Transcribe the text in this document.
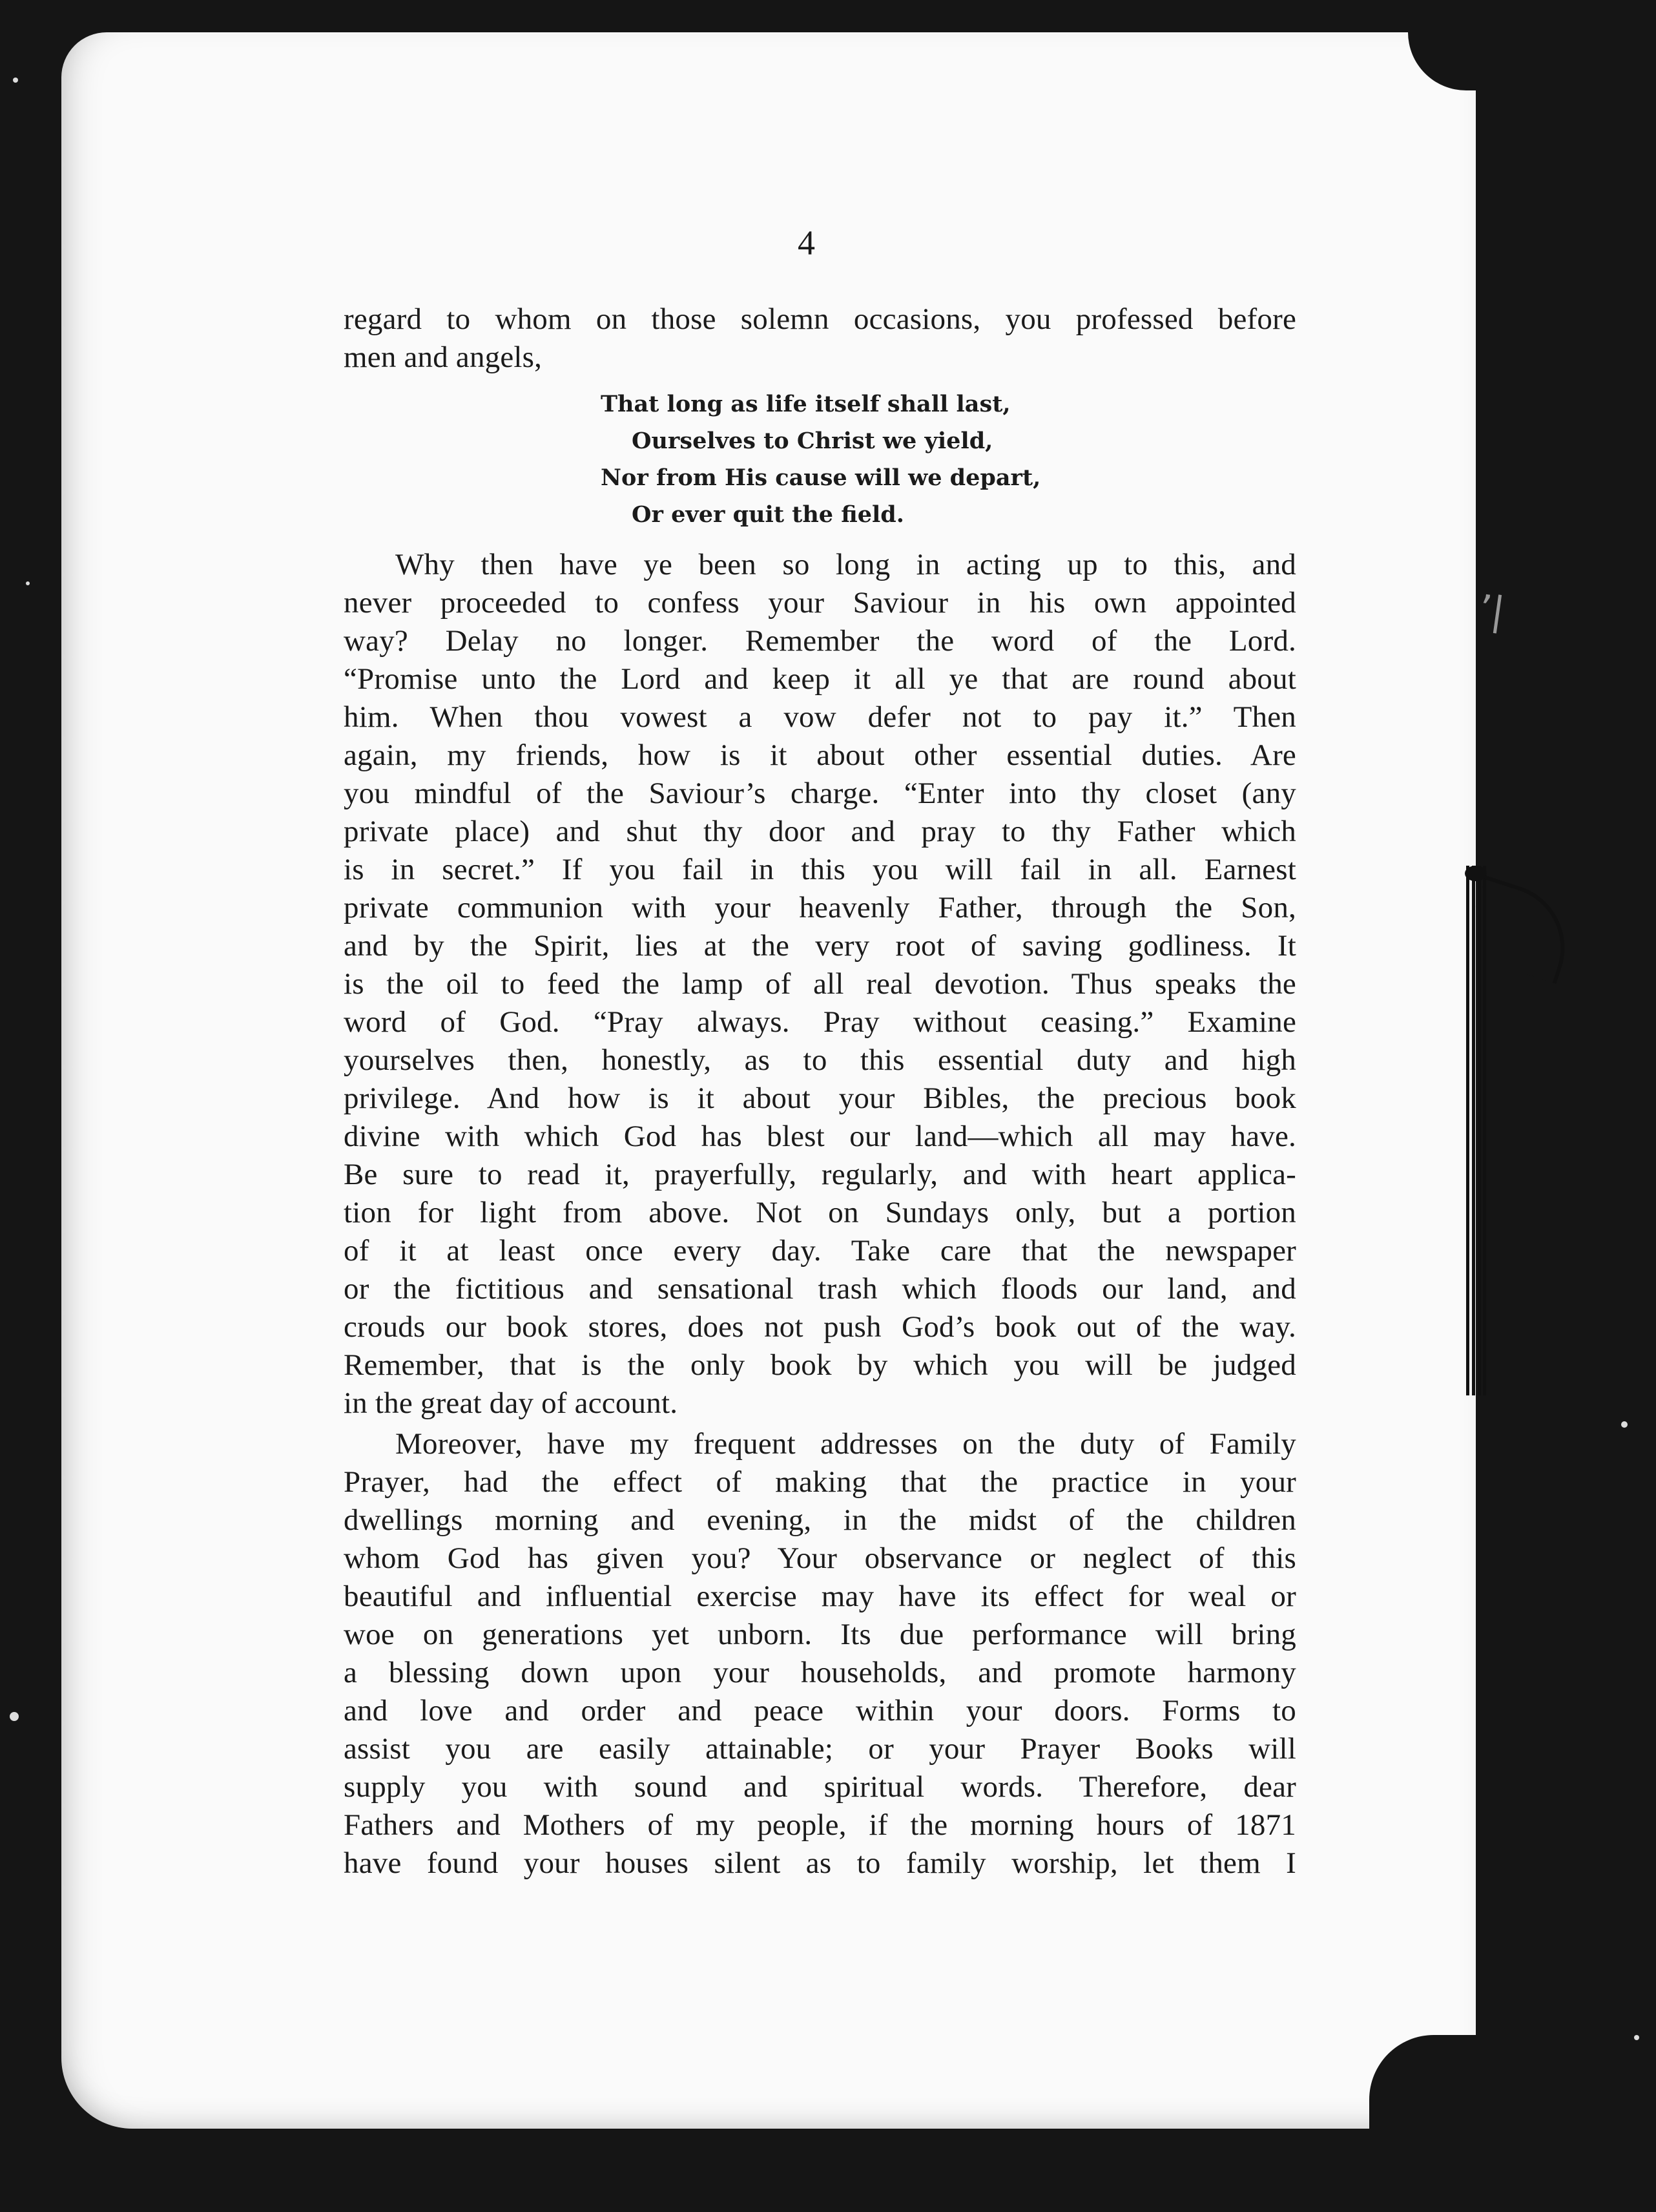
’|
4
regard to whom on those solemn occasions, you professed before
men and angels,
That long as life itself shall last,
Ourselves to Christ we yield,
Nor from His cause will we depart,
Or ever quit the field.
Why then have ye been so long in acting up to this, and
never proceeded to confess your Saviour in his own appointed
way? Delay no longer. Remember the word of the Lord.
“Promise unto the Lord and keep it all ye that are round about
him. When thou vowest a vow defer not to pay it.” Then
again, my friends, how is it about other essential duties. Are
you mindful of the Saviour’s charge. “Enter into thy closet (any
private place) and shut thy door and pray to thy Father which
is in secret.” If you fail in this you will fail in all. Earnest
private communion with your heavenly Father, through the Son,
and by the Spirit, lies at the very root of saving godliness. It
is the oil to feed the lamp of all real devotion. Thus speaks the
word of God. “Pray always. Pray without ceasing.” Examine
yourselves then, honestly, as to this essential duty and high
privilege. And how is it about your Bibles, the precious book
divine with which God has blest our land—which all may have.
Be sure to read it, prayerfully, regularly, and with heart applica-
tion for light from above. Not on Sundays only, but a portion
of it at least once every day. Take care that the newspaper
or the fictitious and sensational trash which floods our land, and
crouds our book stores, does not push God’s book out of the way.
Remember, that is the only book by which you will be judged
in the great day of account.
Moreover, have my frequent addresses on the duty of Family
Prayer, had the effect of making that the practice in your
dwellings morning and evening, in the midst of the children
whom God has given you? Your observance or neglect of this
beautiful and influential exercise may have its effect for weal or
woe on generations yet unborn. Its due performance will bring
a blessing down upon your households, and promote harmony
and love and order and peace within your doors. Forms to
assist you are easily attainable; or your Prayer Books will
supply you with sound and spiritual words. Therefore, dear
Fathers and Mothers of my people, if the morning hours of 1871
have found your houses silent as to family worship, let them I
